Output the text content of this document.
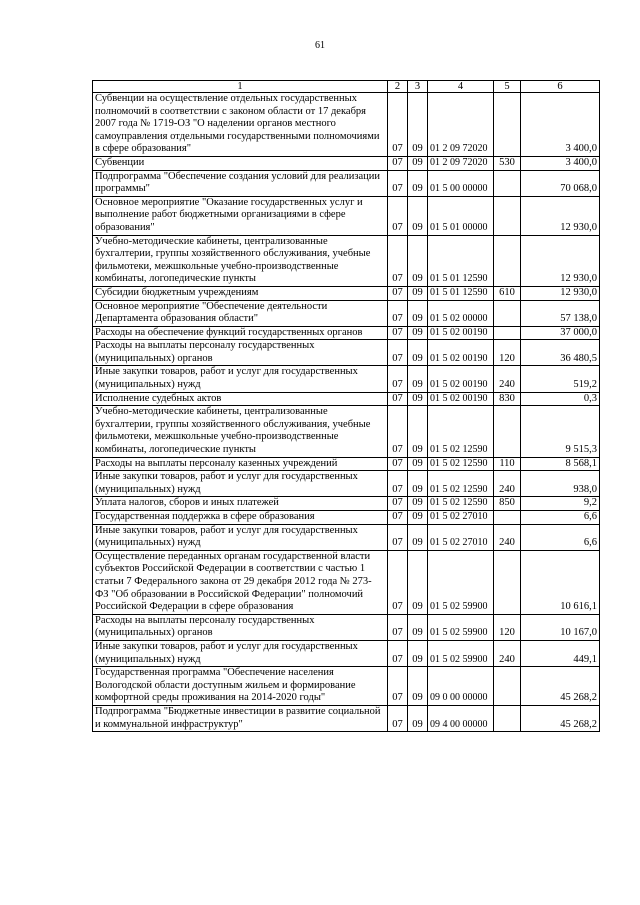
61
1	2	3	4	5	6
Субвенции на осуществление отдельных государственных полномочий в соответствии с законом области от 17 декабря 2007 года № 1719-ОЗ "О наделении органов местного самоуправления отдельными государственными полномочиями в сфере образования"	07	09	01 2 09 72020		3 400,0
Субвенции	07	09	01 2 09 72020	530	3 400,0
Подпрограмма "Обеспечение создания условий для реализации программы"	07	09	01 5 00 00000		70 068,0
Основное мероприятие "Оказание государственных услуг и выполнение работ бюджетными организациями в сфере образования"	07	09	01 5 01 00000		12 930,0
Учебно-методические кабинеты, централизованные бухгалтерии, группы хозяйственного обслуживания, учебные фильмотеки, межшкольные учебно-производственные комбинаты, логопедические пункты	07	09	01 5 01 12590		12 930,0
Субсидии бюджетным учреждениям	07	09	01 5 01 12590	610	12 930,0
Основное мероприятие "Обеспечение деятельности Департамента образования области"	07	09	01 5 02 00000		57 138,0
Расходы на обеспечение функций государственных органов	07	09	01 5 02 00190		37 000,0
Расходы на выплаты персоналу государственных (муниципальных) органов	07	09	01 5 02 00190	120	36 480,5
Иные закупки товаров, работ и услуг для государственных (муниципальных) нужд	07	09	01 5 02 00190	240	519,2
Исполнение судебных актов	07	09	01 5 02 00190	830	0,3
Учебно-методические кабинеты, централизованные бухгалтерии, группы хозяйственного обслуживания, учебные фильмотеки, межшкольные учебно-производственные комбинаты, логопедические пункты	07	09	01 5 02 12590		9 515,3
Расходы на выплаты персоналу казенных учреждений	07	09	01 5 02 12590	110	8 568,1
Иные закупки товаров, работ и услуг для государственных (муниципальных) нужд	07	09	01 5 02 12590	240	938,0
Уплата налогов, сборов и иных платежей	07	09	01 5 02 12590	850	9,2
Государственная поддержка в сфере образования	07	09	01 5 02 27010		6,6
Иные закупки товаров, работ и услуг для государственных (муниципальных) нужд	07	09	01 5 02 27010	240	6,6
Осуществление переданных органам государственной власти субъектов Российской Федерации в соответствии с частью 1 статьи 7 Федерального закона от 29 декабря 2012 года № 273-ФЗ "Об образовании в Российской Федерации" полномочий Российской Федерации в сфере образования	07	09	01 5 02 59900		10 616,1
Расходы на выплаты персоналу государственных (муниципальных) органов	07	09	01 5 02 59900	120	10 167,0
Иные закупки товаров, работ и услуг для государственных (муниципальных) нужд	07	09	01 5 02 59900	240	449,1
Государственная программа "Обеспечение населения Вологодской области доступным жильем и формирование комфортной среды проживания на 2014-2020 годы"	07	09	09 0 00 00000		45 268,2
Подпрограмма "Бюджетные инвестиции в развитие социальной и коммунальной инфраструктур"	07	09	09 4 00 00000		45 268,2
